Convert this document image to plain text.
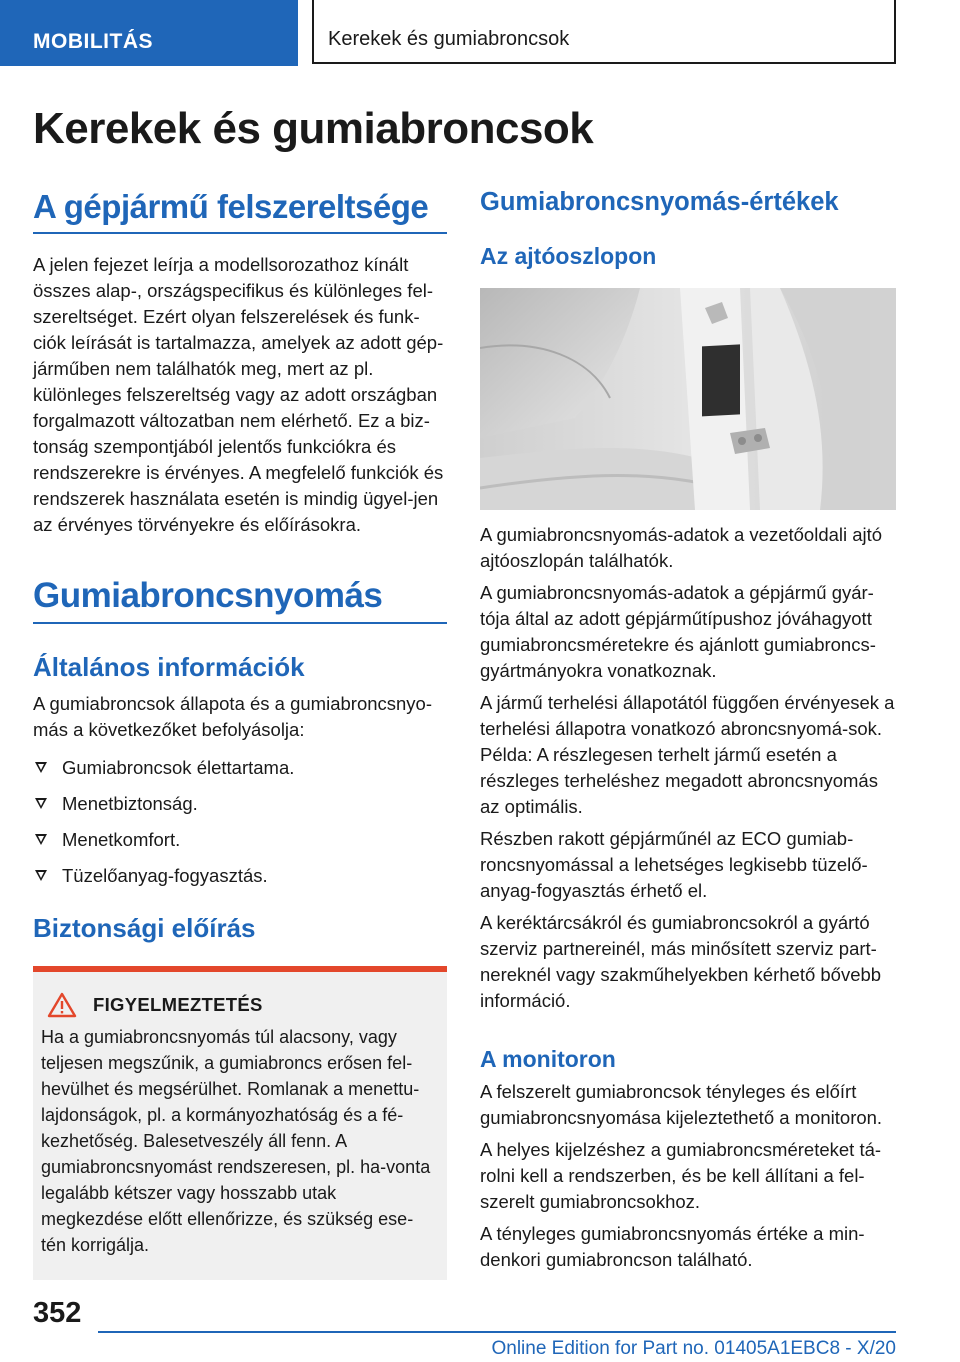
MOBILITÁS	Kerekek és gumiabroncsok
Kerekek és gumiabroncsok
A gépjármű felszereltsége

A jelen fejezet leírja a modellsorozathoz kínált összes alap-, országspecifikus és különleges fel-szereltséget. Ezért olyan felszerelések és funk-ciók leírását is tartalmazza, amelyek az adott gép-járműben nem találhatók meg, mert az pl. különleges felszereltség vagy az adott országban forgalmazott változatban nem elérhető. Ez a biz-tonság szempontjából jelentős funkciókra és rendszerekre is érvényes. A megfelelő funkciók és rendszerek használata esetén is mindig ügyel-jen az érvényes törvényekre és előírásokra.

Gumiabroncsnyomás
Általános információk

A gumiabroncsok állapota és a gumiabroncsnyo-más a következőket befolyásolja:

Gumiabroncsok élettartama.
Menetbiztonság.
Menetkomfort.
Tüzelőanyag-fogyasztás.
Biztonsági előírás
FIGYELMEZTETÉS

Ha a gumiabroncsnyomás túl alacsony, vagy teljesen megszűnik, a gumiabroncs erősen fel-hevülhet és megsérülhet. Romlanak a menettu-lajdonságok, pl. a kormányozhatóság és a fé-kezhetőség. Balesetveszély áll fenn. A gumiabroncsnyomást rendszeresen, pl. ha-vonta legalább kétszer vagy hosszabb utak megkezdése előtt ellenőrizze, és szükség ese-tén korrigálja.

Gumiabroncsnyomás-értékek
Az ajtóoszlopon

A gumiabroncsnyomás-adatok a vezetőoldali ajtó ajtóoszlopán találhatók.

A gumiabroncsnyomás-adatok a gépjármű gyár-tója által az adott gépjárműtípushoz jóváhagyott gumiabroncsméretekre és ajánlott gumiabroncs-gyártmányokra vonatkoznak.

A jármű terhelési állapotától függően érvényesek a terhelési állapotra vonatkozó abroncsnyomá-sok. Példa: A részlegesen terhelt jármű esetén a részleges terheléshez megadott abroncsnyomás az optimális.

Részben rakott gépjárműnél az ECO gumiab-roncsnyomással a lehetséges legkisebb tüzelő-anyag-fogyasztás érhető el.

A keréktárcsákról és gumiabroncsokról a gyártó szerviz partnereinél, más minősített szerviz part-nereknél vagy szakműhelyekben kérhető bővebb információ.

A monitoron

A felszerelt gumiabroncsok tényleges és előírt gumiabroncsnyomása kijeleztethető a monitoron.

A helyes kijelzéshez a gumiabroncsméreteket tá-rolni kell a rendszerben, és be kell állítani a fel-szerelt gumiabroncsokhoz.

A tényleges gumiabroncsnyomás értéke a min-denkori gumiabroncson található.

352

Online Edition for Part no. 01405A1EBC8 - X/20
